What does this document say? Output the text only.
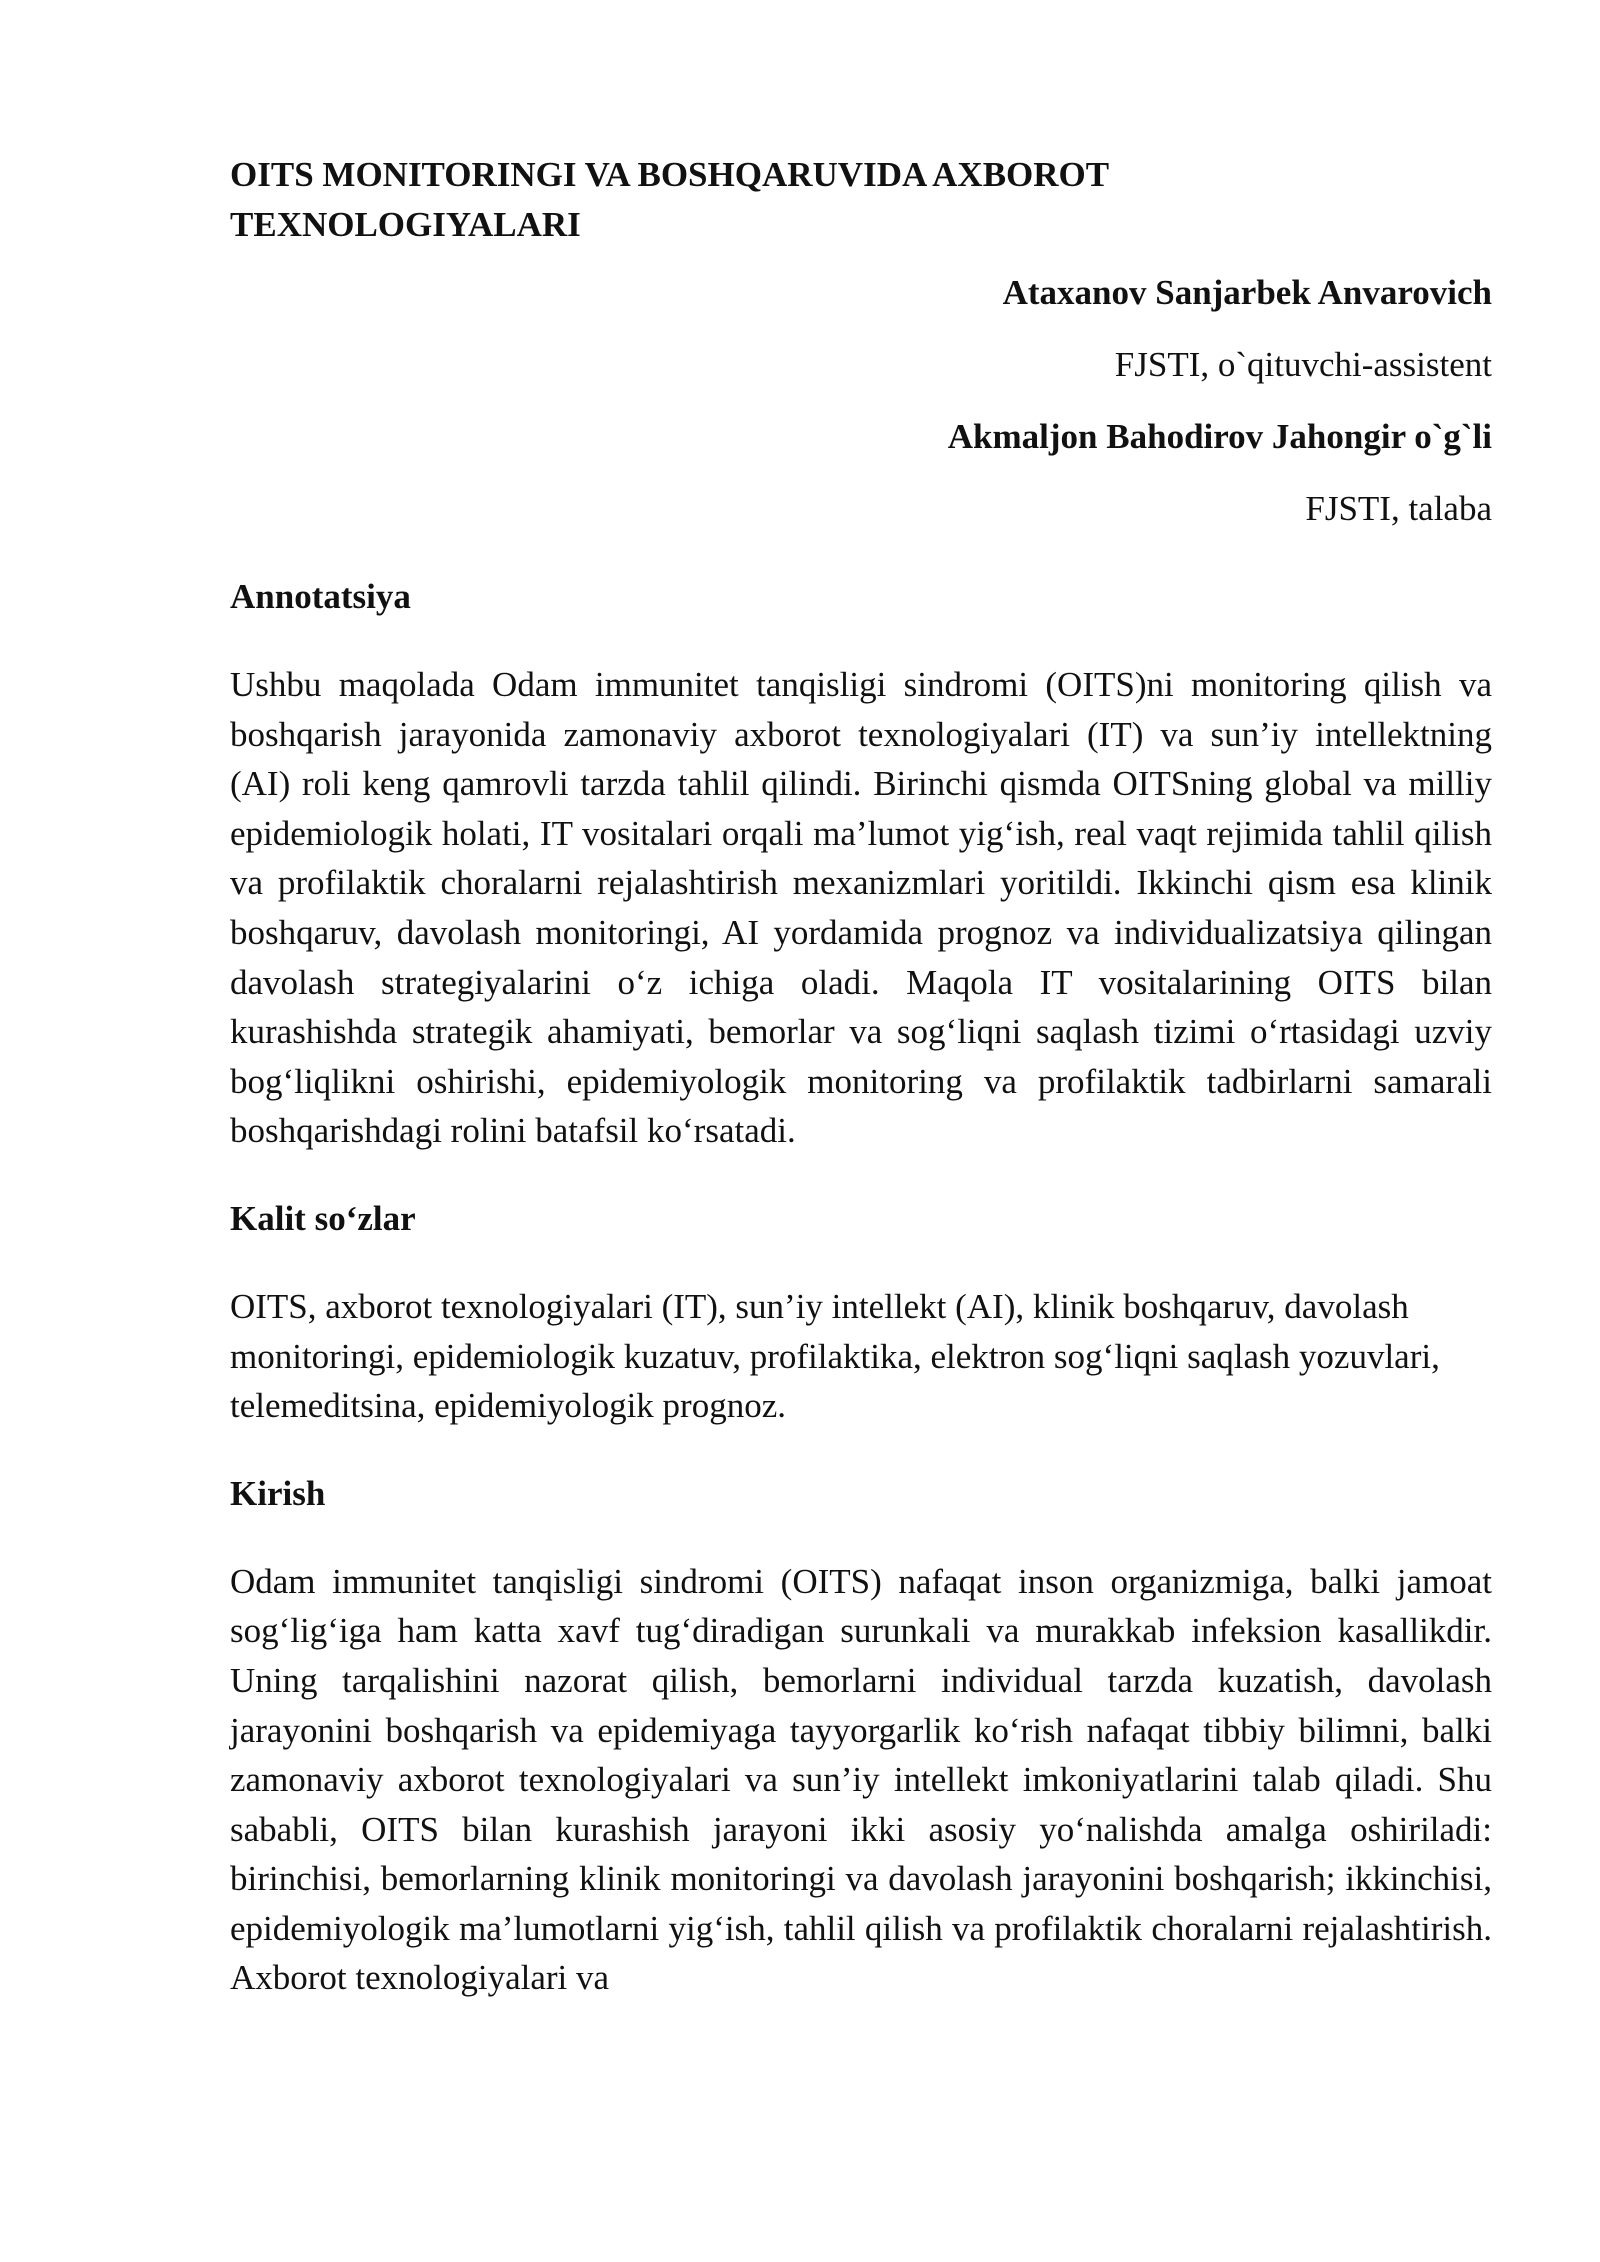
OITS MONITORINGI VA BOSHQARUVIDA AXBOROT TEXNOLOGIYALARI

Ataxanov Sanjarbek Anvarovich

FJSTI, o`qituvchi-assistent

Akmaljon Bahodirov Jahongir o`g`li

FJSTI, talaba

Annotatsiya

Ushbu maqolada Odam immunitet tanqisligi sindromi (OITS)ni monitoring qilish va boshqarish jarayonida zamonaviy axborot texnologiyalari (IT) va sun’iy intellektning (AI) roli keng qamrovli tarzda tahlil qilindi. Birinchi qismda OITSning global va milliy epidemiologik holati, IT vositalari orqali ma’lumot yig‘ish, real vaqt rejimida tahlil qilish va profilaktik choralarni rejalashtirish mexanizmlari yoritildi. Ikkinchi qism esa klinik boshqaruv, davolash monitoringi, AI yordamida prognoz va individualizatsiya qilingan davolash strategiyalarini o‘z ichiga oladi. Maqola IT vositalarining OITS bilan kurashishda strategik ahamiyati, bemorlar va sog‘liqni saqlash tizimi o‘rtasidagi uzviy bog‘liqlikni oshirishi, epidemiyologik monitoring va profilaktik tadbirlarni samarali boshqarishdagi rolini batafsil ko‘rsatadi.

Kalit so‘zlar

OITS, axborot texnologiyalari (IT), sun’iy intellekt (AI), klinik boshqaruv, davolash monitoringi, epidemiologik kuzatuv, profilaktika, elektron sog‘liqni saqlash yozuvlari, telemeditsina, epidemiyologik prognoz.

Kirish

Odam immunitet tanqisligi sindromi (OITS) nafaqat inson organizmiga, balki jamoat sog‘lig‘iga ham katta xavf tug‘diradigan surunkali va murakkab infeksion kasallikdir. Uning tarqalishini nazorat qilish, bemorlarni individual tarzda kuzatish, davolash jarayonini boshqarish va epidemiyaga tayyorgarlik ko‘rish nafaqat tibbiy bilimni, balki zamonaviy axborot texnologiyalari va sun’iy intellekt imkoniyatlarini talab qiladi. Shu sababli, OITS bilan kurashish jarayoni ikki asosiy yo‘nalishda amalga oshiriladi: birinchisi, bemorlarning klinik monitoringi va davolash jarayonini boshqarish; ikkinchisi, epidemiyologik ma’lumotlarni yig‘ish, tahlil qilish va profilaktik choralarni rejalashtirish. Axborot texnologiyalari va
